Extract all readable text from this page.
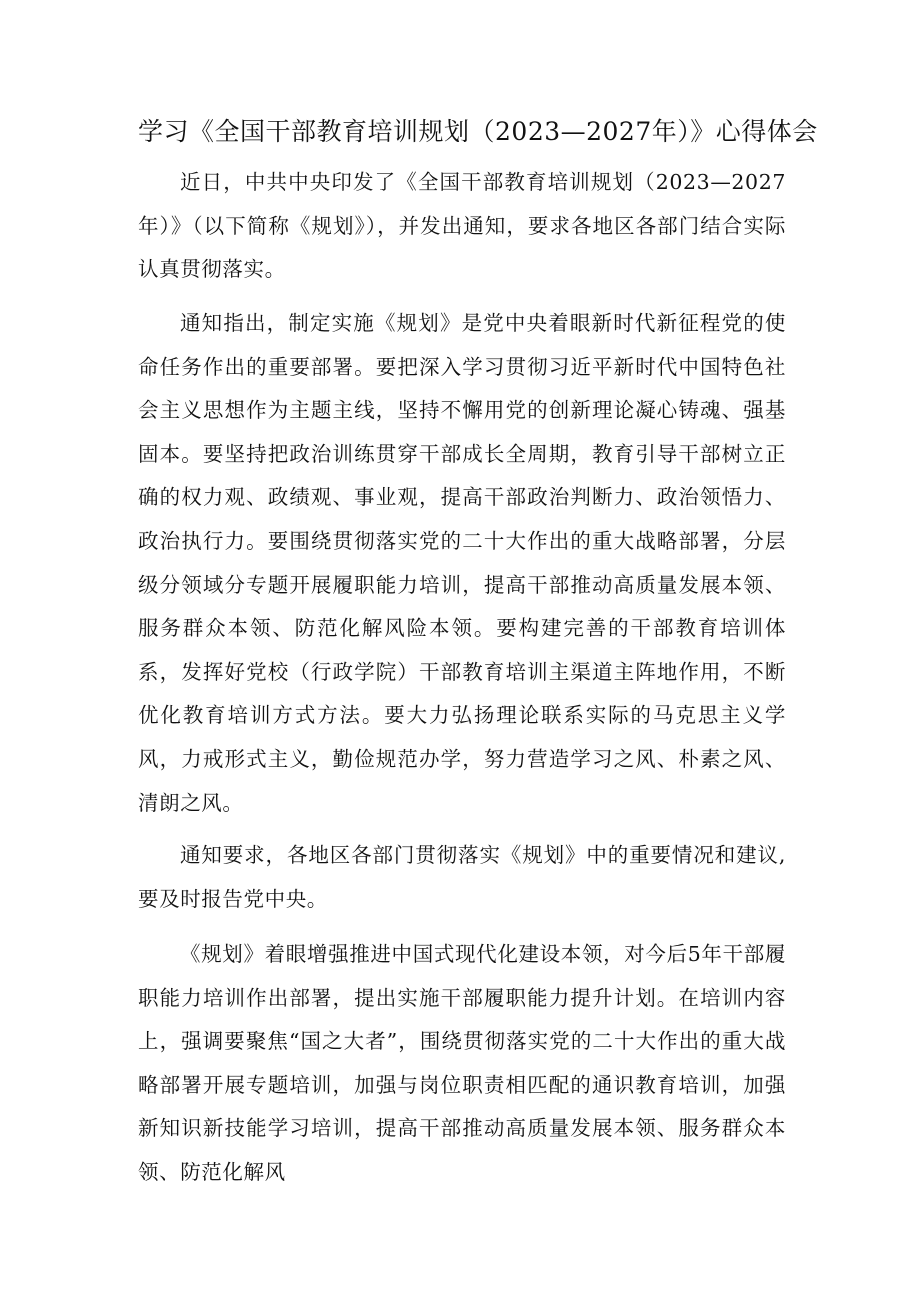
学习《全国干部教育培训规划（2023—2027年）》心得体会

近日，中共中央印发了《全国干部教育培训规划（2023—2027年）》（以下简称《规划》），并发出通知，要求各地区各部门结合实际认真贯彻落实。

通知指出，制定实施《规划》是党中央着眼新时代新征程党的使命任务作出的重要部署。要把深入学习贯彻习近平新时代中国特色社会主义思想作为主题主线，坚持不懈用党的创新理论凝心铸魂、强基固本。要坚持把政治训练贯穿干部成长全周期，教育引导干部树立正确的权力观、政绩观、事业观，提高干部政治判断力、政治领悟力、政治执行力。要围绕贯彻落实党的二十大作出的重大战略部署，分层级分领域分专题开展履职能力培训，提高干部推动高质量发展本领、服务群众本领、防范化解风险本领。要构建完善的干部教育培训体系，发挥好党校（行政学院）干部教育培训主渠道主阵地作用，不断优化教育培训方式方法。要大力弘扬理论联系实际的马克思主义学风，力戒形式主义，勤俭规范办学，努力营造学习之风、朴素之风、清朗之风。

通知要求，各地区各部门贯彻落实《规划》中的重要情况和建议,要及时报告党中央。

《规划》着眼增强推进中国式现代化建设本领，对今后5年干部履职能力培训作出部署，提出实施干部履职能力提升计划。在培训内容上，强调要聚焦“国之大者”，围绕贯彻落实党的二十大作出的重大战略部署开展专题培训，加强与岗位职责相匹配的通识教育培训，加强新知识新技能学习培训，提高干部推动高质量发展本领、服务群众本领、防范化解风
